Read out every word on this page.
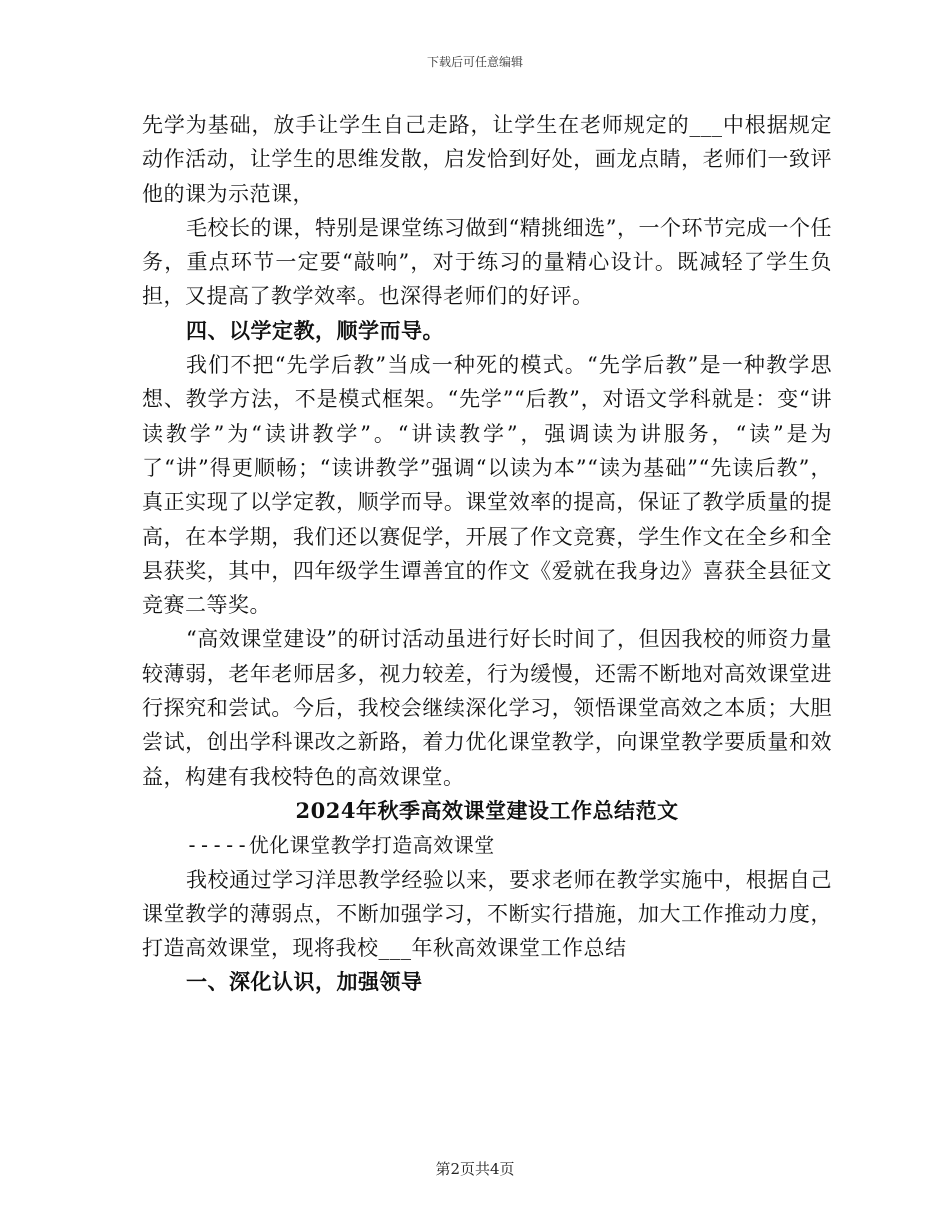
下载后可任意编辑

先学为基础，放手让学生自己走路，让学生在老师规定的___中根据规定动作活动，让学生的思维发散，启发恰到好处，画龙点睛，老师们一致评他的课为示范课，

毛校长的课，特别是课堂练习做到“精挑细选”，一个环节完成一个任务，重点环节一定要“敲响”，对于练习的量精心设计。既减轻了学生负担，又提高了教学效率。也深得老师们的好评。

四、以学定教，顺学而导。

我们不把“先学后教”当成一种死的模式。“先学后教”是一种教学思想、教学方法，不是模式框架。“先学”“后教”，对语文学科就是：变“讲读教学”为“读讲教学”。“讲读教学”，强调读为讲服务，“读”是为了“讲”得更顺畅；“读讲教学”强调“以读为本”“读为基础”“先读后教”，真正实现了以学定教，顺学而导。课堂效率的提高，保证了教学质量的提高，在本学期，我们还以赛促学，开展了作文竞赛，学生作文在全乡和全县获奖，其中，四年级学生谭善宜的作文《爱就在我身边》喜获全县征文竞赛二等奖。

“高效课堂建设”的研讨活动虽进行好长时间了，但因我校的师资力量较薄弱，老年老师居多，视力较差，行为缓慢，还需不断地对高效课堂进行探究和尝试。今后，我校会继续深化学习，领悟课堂高效之本质；大胆尝试，创出学科课改之新路，着力优化课堂教学，向课堂教学要质量和效益，构建有我校特色的高效课堂。

2024年秋季高效课堂建设工作总结范文

-----优化课堂教学打造高效课堂

我校通过学习洋思教学经验以来，要求老师在教学实施中，根据自己课堂教学的薄弱点，不断加强学习，不断实行措施，加大工作推动力度，打造高效课堂，现将我校___年秋高效课堂工作总结

一、深化认识，加强领导

第2页共4页
